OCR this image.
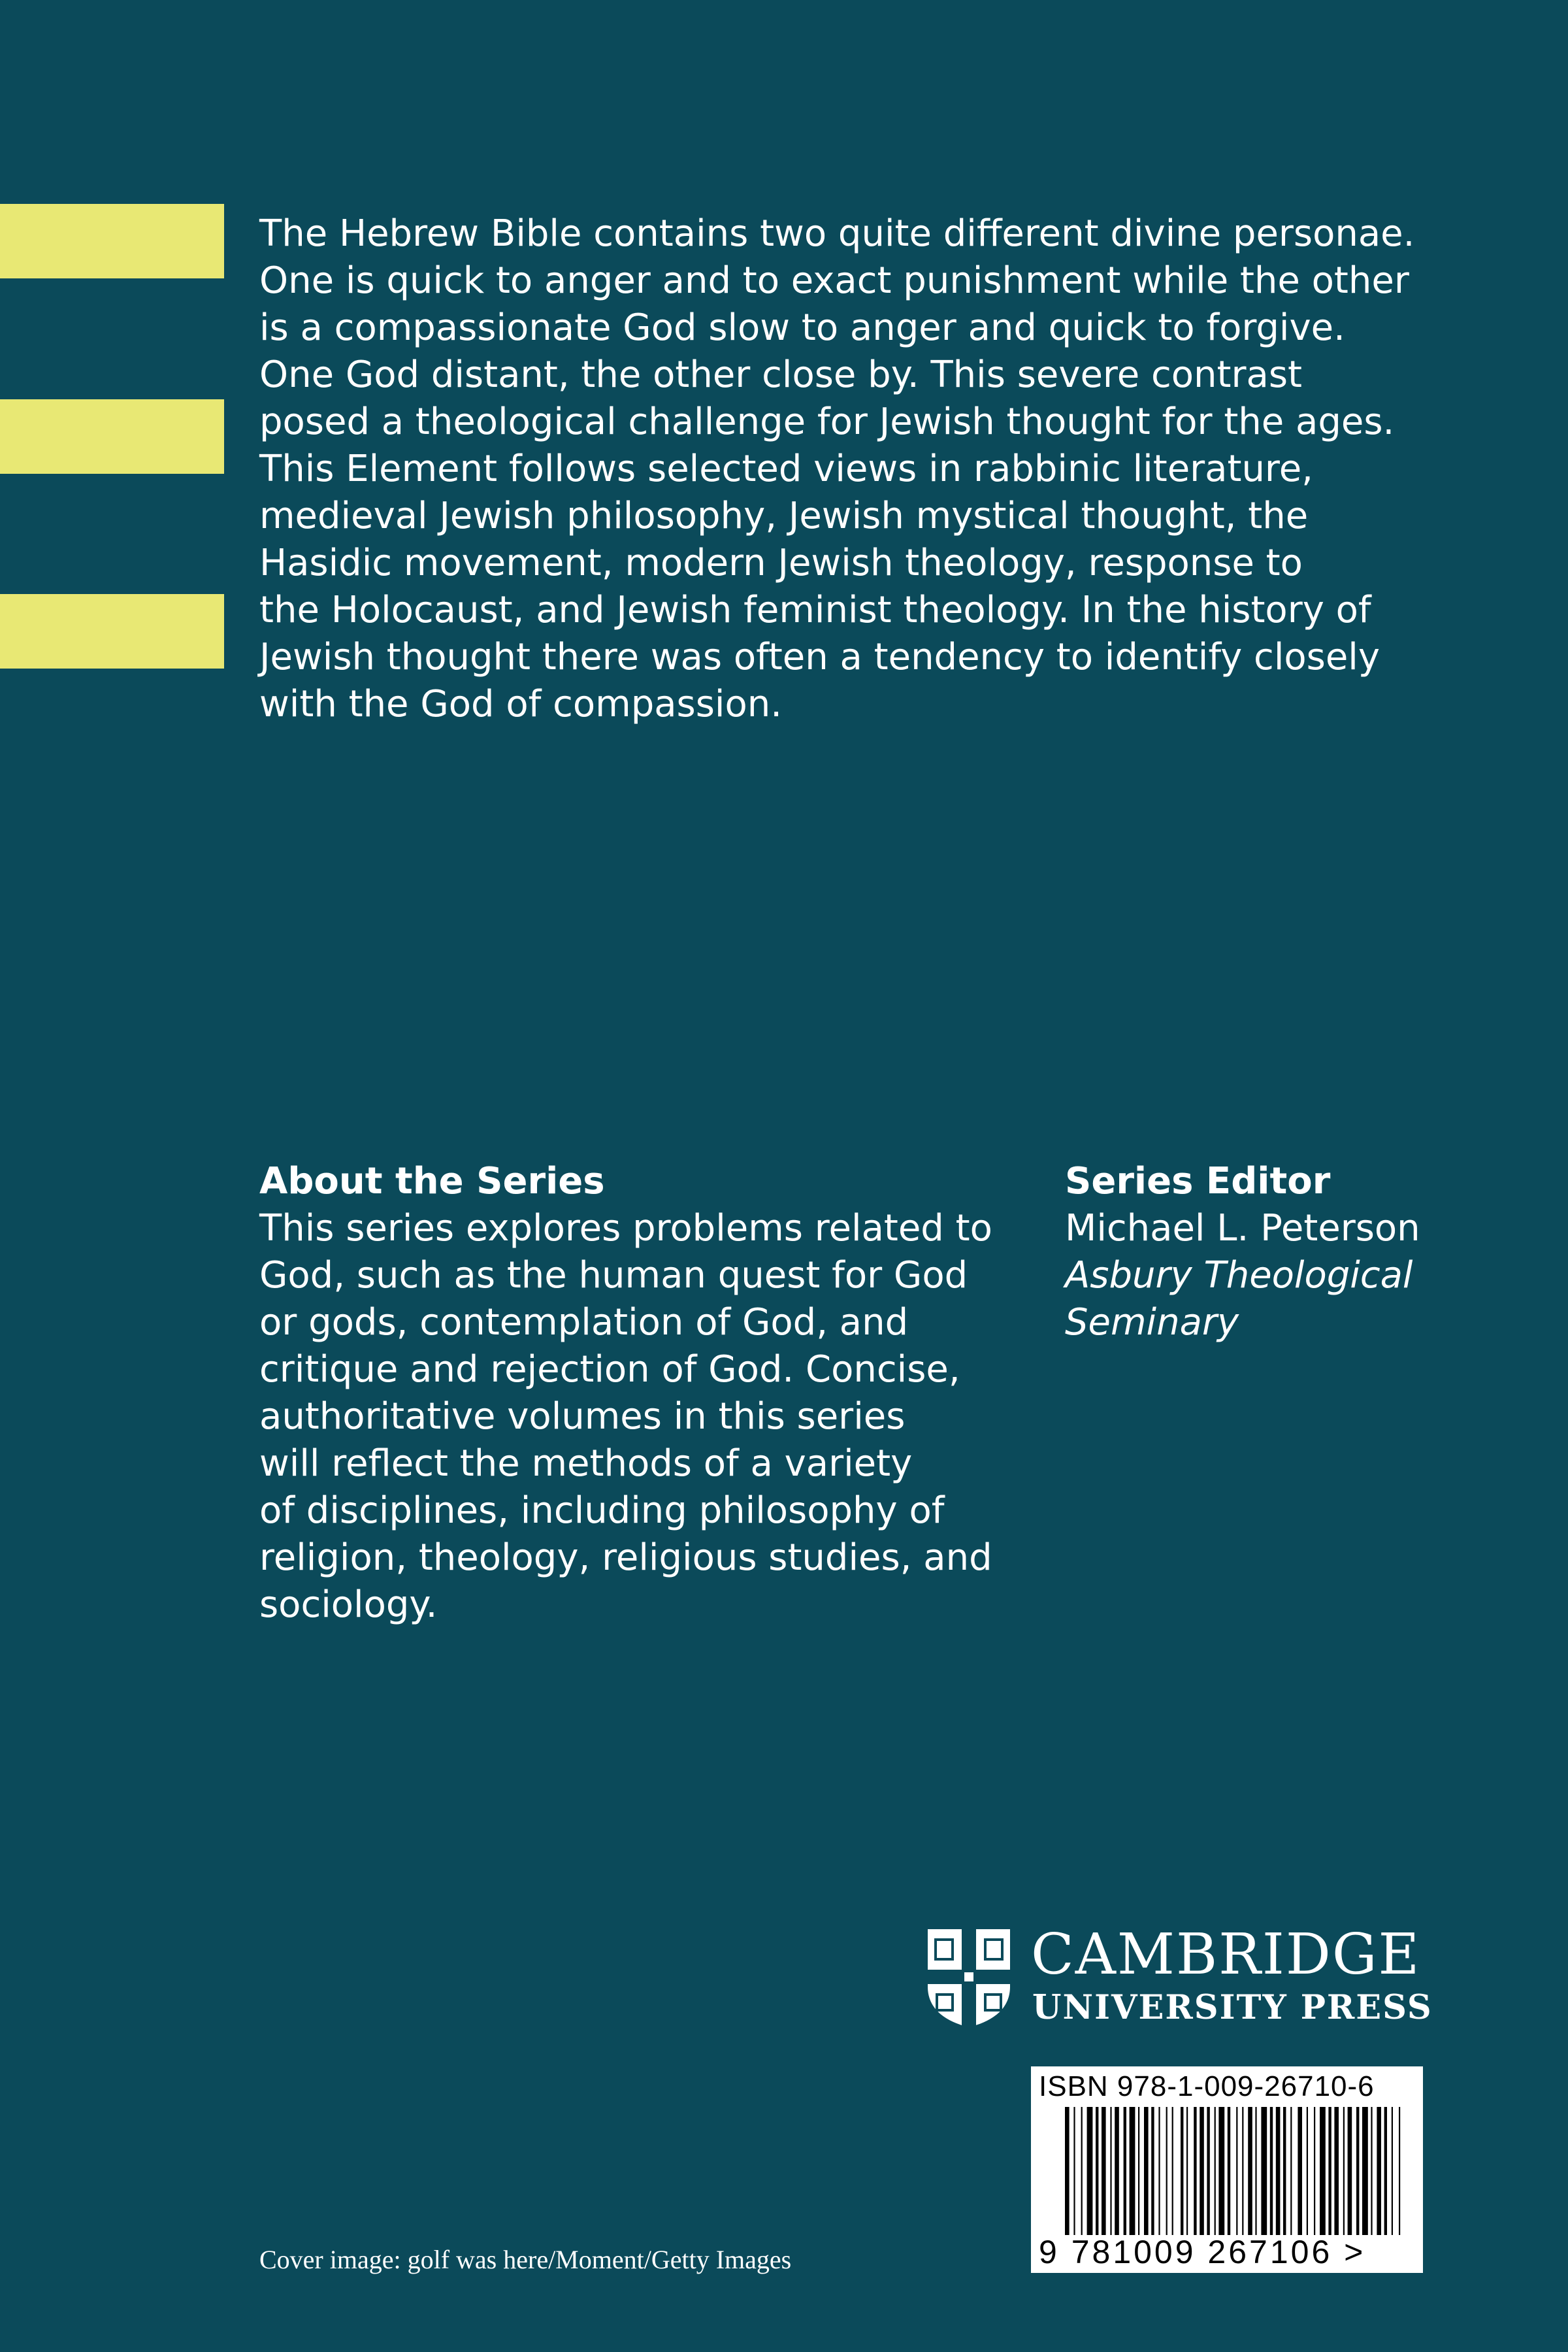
The Hebrew Bible contains two quite different divine personae.
One is quick to anger and to exact punishment while the other
is a compassionate God slow to anger and quick to forgive.
One God distant, the other close by. This severe contrast
posed a theological challenge for Jewish thought for the ages.
This Element follows selected views in rabbinic literature,
medieval Jewish philosophy, Jewish mystical thought, the
Hasidic movement, modern Jewish theology, response to
the Holocaust, and Jewish feminist theology. In the history of
Jewish thought there was often a tendency to identify closely
with the God of compassion.

About the Series

This series explores problems related to
God, such as the human quest for God
or gods, contemplation of God, and
critique and rejection of God. Concise,
authoritative volumes in this series
will reflect the methods of a variety
of disciplines, including philosophy of
religion, theology, religious studies, and
sociology.

Series Editor

Michael L. Peterson

Asbury Theological
Seminary

CAMBRIDGE
UNIVERSITY PRESS
ISBN 978-1-009-26710-6
9 781009 267106 >
Cover image: golf was here/Moment/Getty Images
